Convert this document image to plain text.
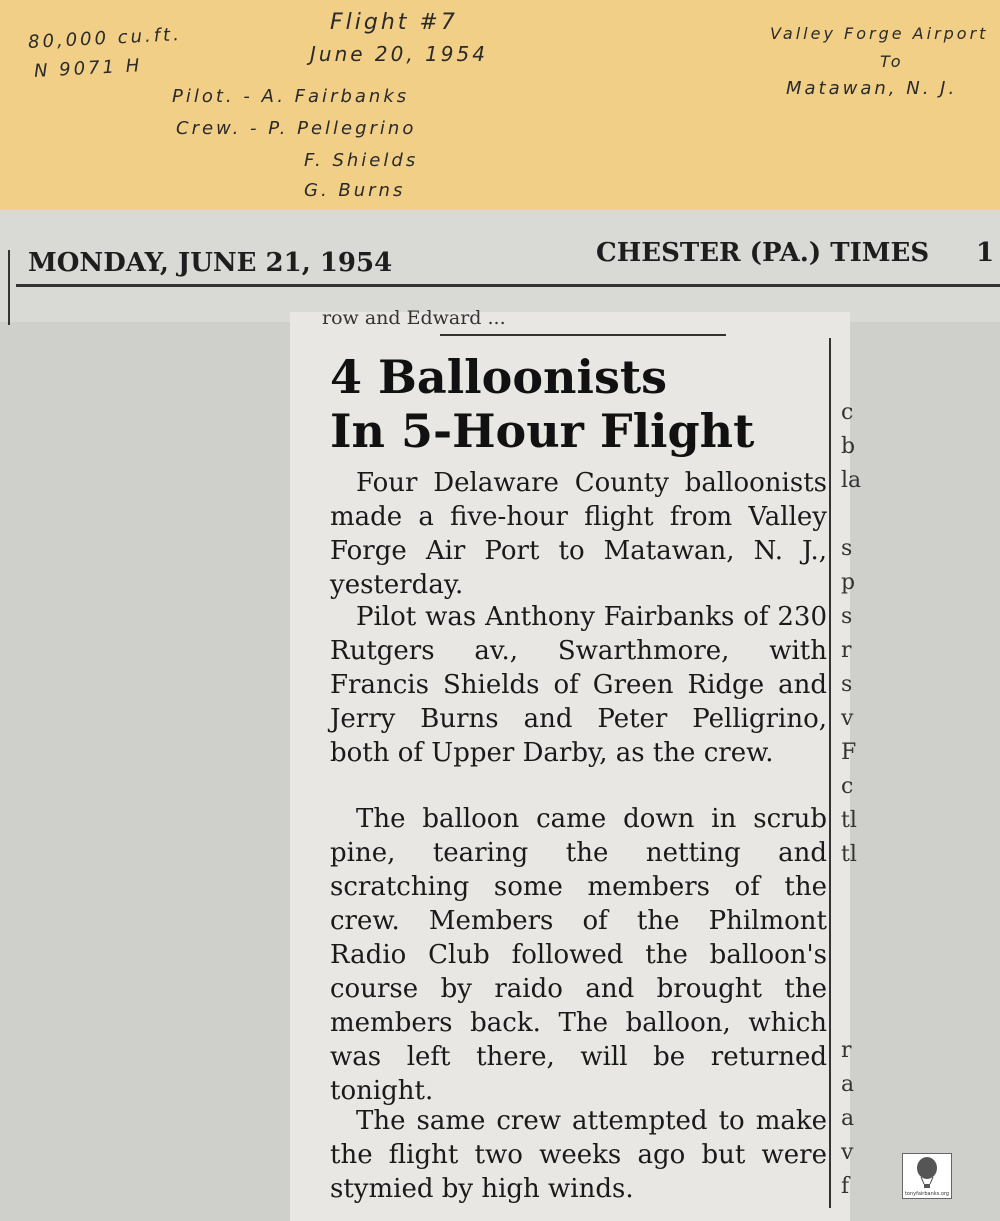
80,000 cu.ft.
N 9071 H
Flight #7
June 20, 1954
Valley Forge Airport
To
Matawan, N. J.
Pilot. - A. Fairbanks
Crew. - P. Pellegrino
F. Shields
G. Burns
MONDAY, JUNE 21, 1954	CHESTER (PA.) TIMES 1
row and Edward ...
4 Balloonists
In 5-Hour Flight

Four Delaware County balloonists made a five-hour flight from Valley Forge Air Port to Matawan, N. J., yesterday.

Pilot was Anthony Fairbanks of 230 Rutgers av., Swarthmore, with Francis Shields of Green Ridge and Jerry Burns and Peter Pelligrino, both of Upper Darby, as the crew.

The balloon came down in scrub pine, tearing the netting and scratching some members of the crew. Members of the Philmont Radio Club followed the balloon's course by raido and brought the members back. The balloon, which was left there, will be returned tonight.

The same crew attempted to make the flight two weeks ago but were stymied by high winds.

c
b
la
s
p
s
r
s
v
F
c
tl
tl
r
a
a
v
f	tonyfairbanks.org
